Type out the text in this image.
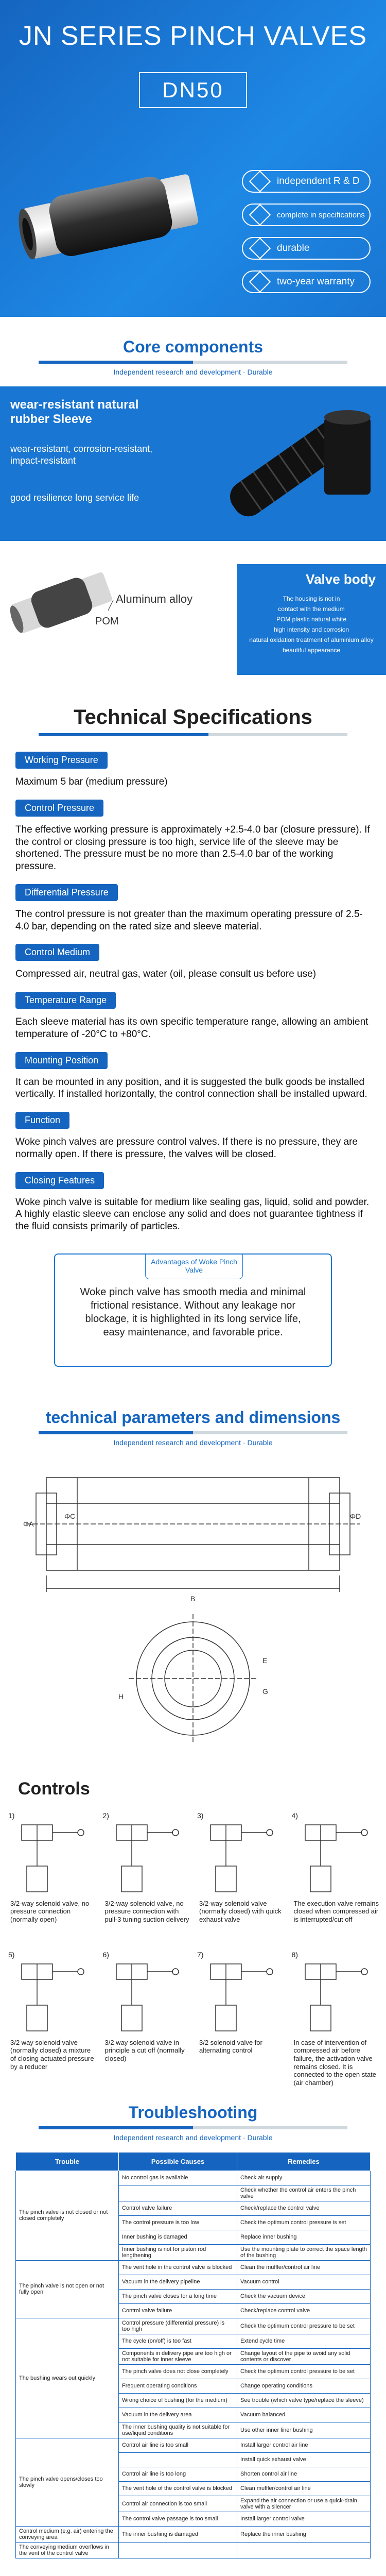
JN SERIES PINCH VALVES
DN50
independent R & D
complete in specifications
durable
two-year warranty
Core components
Independent research and development · Durable
wear-resistant natural rubber Sleeve
wear-resistant, corrosion-resistant, impact-resistant
good resilience long service life
Aluminum alloy
POM
Valve body

The housing is not in

contact with the medium

POM plastic natural white

high intensity and corrosion

natural oxidation treatment of aluminium alloy

beautiful appearance

Technical Specifications
Working Pressure

Maximum 5 bar (medium pressure)

Control Pressure

The effective working pressure is approximately +2.5-4.0 bar (closure pressure). If the control or closing pressure is too high, service life of the sleeve may be shortened. The pressure must be no more than 2.5-4.0 bar of the working pressure.

Differential Pressure

The control pressure is not greater than the maximum operating pressure of 2.5-4.0 bar, depending on the rated size and sleeve material.

Control Medium

Compressed air, neutral gas, water (oil, please consult us before use)

Temperature Range

Each sleeve material has its own specific temperature range, allowing an ambient temperature of -20°C to +80°C.

Mounting Position

It can be mounted in any position, and it is suggested the bulk goods be installed vertically. If installed horizontally, the control connection shall be installed upward.

Function

Woke pinch valves are pressure control valves. If there is no pressure, they are normally open. If there is pressure, the valves will be closed.

Closing Features

Woke pinch valve is suitable for medium like sealing gas, liquid, solid and powder. A highly elastic sleeve can enclose any solid and does not guarantee tightness if the fluid consists primarily of particles.

Advantages of Woke Pinch Valve

Woke pinch valve has smooth media and minimal frictional resistance. Without any leakage nor blockage, it is highlighted in its long service life, easy maintenance, and favorable price.

technical parameters and dimensions
Independent research and development · Durable
ΦA
B
ΦC	ΦD
E
G
H
Controls
1)
3/2-way solenoid valve, no pressure connection (normally open)
2)
3/2-way solenoid valve, no pressure connection with pull-3 tuning suction delivery
3)
3/2-way solenoid valve (normally closed) with quick exhaust valve
4)
The execution valve remains closed when compressed air is interrupted/cut off
5)
3/2 way solenoid valve (normally closed) a mixture of closing actuated pressure by a reducer
6)
3/2 way solenoid valve in principle a cut off (normally closed)
7)
3/2 solenoid valve for alternating control
8)
In case of intervention of compressed air before failure, the activation valve remains closed. It is connected to the open state (air chamber)
Troubleshooting
Independent research and development · Durable
Trouble	Possible Causes	Remedies
The pinch valve is not closed or not closed completely	No control gas is available	Check air supply
		Check whether the control air enters the pinch valve
	Control valve failure	Check/replace the control valve
	The control pressure is too low	Check the optimum control pressure is set
	Inner bushing is damaged	Replace inner bushing
	Inner bushing is not for piston rod lengthening	Use the mounting plate to correct the space length of the bushing
The pinch valve is not open or not fully open	The vent hole in the control valve is blocked	Clean the muffler/control air line
	Vacuum in the delivery pipeline	Vacuum control
	The pinch valve closes for a long time	Check the vacuum device
	Control valve failure	Check/replace control valve
The bushing wears out quickly	Control pressure (differential pressure) is too high	Check the optimum control pressure to be set
	The cycle (on/off) is too fast	Extend cycle time
	Components in delivery pipe are too high or not suitable for inner sleeve	Change layout of the pipe to avoid any solid contents or discover
	The pinch valve does not close completely	Check the optimum control pressure to be set
	Frequent operating conditions	Change operating conditions
	Wrong choice of bushing (for the medium)	See trouble (which valve type/replace the sleeve)
	Vacuum in the delivery area	Vacuum balanced
	The inner bushing quality is not suitable for use/liquid conditions	Use other inner liner bushing
The pinch valve opens/closes too slowly	Control air line is too small	Install larger control air line
		Install quick exhaust valve
	Control air line is too long	Shorten control air line
	The vent hole of the control valve is blocked	Clean muffler/control air line
	Control air connection is too small	Expand the air connection or use a quick-drain valve with a silencer
	The control valve passage is too small	Install larger control valve
Control medium (e.g. air) entering the conveying area	The inner bushing is damaged	Replace the inner bushing
The conveying medium overflows in the vent of the control valve		
